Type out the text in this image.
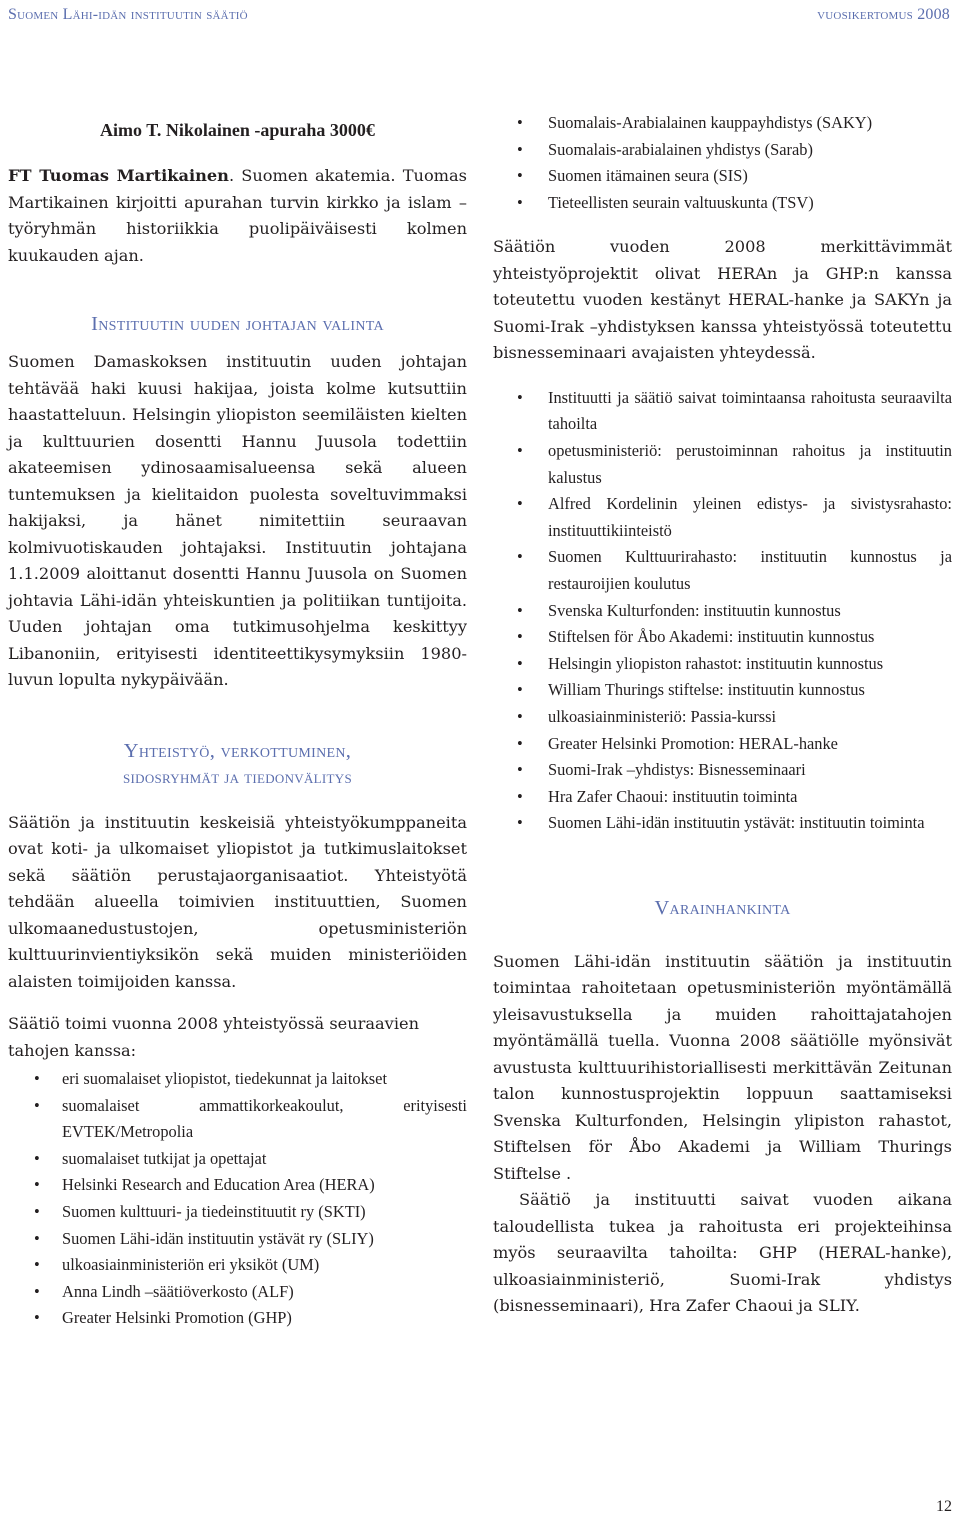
Suomen Lähi-idän instituutin säätiö	vuosikertomus 2008
Aimo T. Nikolainen -apuraha 3000€

FT Tuomas Martikainen. Suomen akatemia. Tuomas Martikainen kirjoitti apurahan turvin kirkko ja islam –työryhmän historiikkia puolipäiväisesti kolmen kuukauden ajan.

Instituutin uuden johtajan valinta

Suomen Damaskoksen instituutin uuden johtajan tehtävää haki kuusi hakijaa, joista kolme kutsuttiin haastatteluun. Helsingin yliopiston seemiläisten kielten ja kulttuurien dosentti Hannu Juusola todettiin akateemisen ydinosaamisalueensa sekä alueen tuntemuksen ja kielitaidon puolesta soveltuvimmaksi hakijaksi, ja hänet nimitettiin seuraavan kolmivuotiskauden johtajaksi. Instituutin johtajana 1.1.2009 aloittanut dosentti Hannu Juusola on Suomen johtavia Lähi-idän yhteiskuntien ja politiikan tuntijoita. Uuden johtajan oma tutkimusohjelma keskittyy Libanoniin, erityisesti identiteettikysymyksiin 1980-luvun lopulta nykypäivään.

Yhteistyö, verkottuminen,
sidosryhmät ja tiedonvälitys

Säätiön ja instituutin keskeisiä yhteistyökumppaneita ovat koti- ja ulkomaiset yliopistot ja tutkimuslaitokset sekä säätiön perustajaorganisaatiot. Yhteistyötä tehdään alueella toimivien instituuttien, Suomen ulkomaanedustustojen, opetusministeriön kulttuurinvientiyksikön sekä muiden ministeriöiden alaisten toimijoiden kanssa.

Säätiö toimi vuonna 2008 yhteistyössä seuraavien tahojen kanssa:

• eri suomalaiset yliopistot, tiedekunnat ja laitokset
• suomalaiset ammattikorkeakoulut, erityisesti EVTEK/Metropolia
• suomalaiset tutkijat ja opettajat
• Helsinki Research and Education Area (HERA)
• Suomen kulttuuri- ja tiedeinstituutit ry (SKTI)
• Suomen Lähi-idän instituutin ystävät ry (SLIY)
• ulkoasiainministeriön eri yksiköt (UM)
• Anna Lindh –säätiöverkosto (ALF)
• Greater Helsinki Promotion (GHP)
• Suomalais-Arabialainen kauppayhdistys (SAKY)
• Suomalais-arabialainen yhdistys (Sarab)
• Suomen itämainen seura (SIS)
• Tieteellisten seurain valtuuskunta (TSV)

Säätiön vuoden 2008 merkittävimmät yhteistyöprojektit olivat HERAn ja GHP:n kanssa toteutettu vuoden kestänyt HERAL-hanke ja SAKYn ja Suomi-Irak –yhdistyksen kanssa yhteistyössä toteutettu bisnesseminaari avajaisten yhteydessä.

• Instituutti ja säätiö saivat toimintaansa rahoitusta seuraavilta tahoilta
• opetusministeriö: perustoiminnan rahoitus ja instituutin kalustus
• Alfred Kordelinin yleinen edistys- ja sivistysrahasto: instituuttikiinteistö
• Suomen Kulttuurirahasto: instituutin kunnostus ja restauroijien koulutus
• Svenska Kulturfonden: instituutin kunnostus
• Stiftelsen för Åbo Akademi: instituutin kunnostus
• Helsingin yliopiston rahastot: instituutin kunnostus
• William Thurings stiftelse: instituutin kunnostus
• ulkoasiainministeriö: Passia-kurssi
• Greater Helsinki Promotion: HERAL-hanke
• Suomi-Irak –yhdistys: Bisnesseminaari
• Hra Zafer Chaoui: instituutin toiminta
• Suomen Lähi-idän instituutin ystävät: instituutin toiminta
Varainhankinta

Suomen Lähi-idän instituutin säätiön ja instituutin toimintaa rahoitetaan opetusministeriön myöntämällä yleisavustuksella ja muiden rahoittajatahojen myöntämällä tuella. Vuonna 2008 säätiölle myönsivät avustusta kulttuurihistoriallisesti merkittävän Zeitunan talon kunnostusprojektin loppuun saattamiseksi Svenska Kulturfonden, Helsingin ylipiston rahastot, Stiftelsen för Åbo Akademi ja William Thurings Stiftelse .

Säätiö ja instituutti saivat vuoden aikana taloudellista tukea ja rahoitusta eri projekteihinsa myös seuraavilta tahoilta: GHP (HERAL-hanke), ulkoasiainministeriö, Suomi-Irak yhdistys (bisnesseminaari), Hra Zafer Chaoui ja SLIY.

12
